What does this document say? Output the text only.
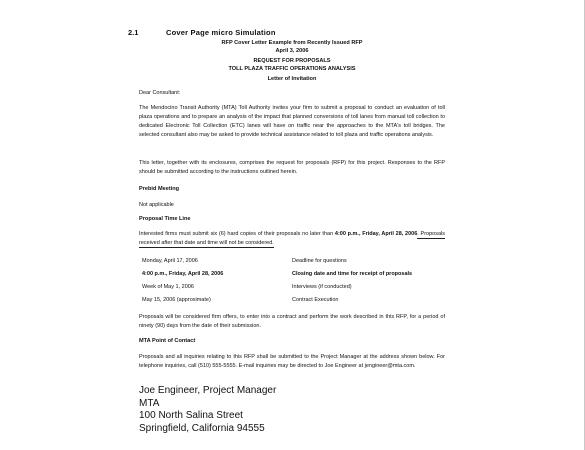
2.1	Cover Page micro Simulation
RFP Cover Letter Example from Recently Issued RFP
April 3, 2006
REQUEST FOR PROPOSALS
TOLL PLAZA TRAFFIC OPERATIONS ANALYSIS
Letter of Invitation
Dear Consultant:
The Mendocino Transit Authority (MTA) Toll Authority invites your firm to submit a proposal to conduct an evaluation of toll plaza operations and to prepare an analysis of the impact that planned conversions of toll lanes from manual toll collection to dedicated Electronic Toll Collection (ETC) lanes will have on traffic near the approaches to the MTA's toll bridges. The selected consultant also may be asked to provide technical assistance related to toll plaza and traffic operations analysis.
This letter, together with its enclosures, comprises the request for proposals (RFP) for this project. Responses to the RFP should be submitted according to the instructions outlined herein.
Prebid Meeting
Not applicable
Proposal Time Line
Interested firms must submit six (6) hard copies of their proposals no later than 4:00 p.m., Friday, April 28, 2006. Proposals received after that date and time will not be considered.
Monday, April 17, 2006	Deadline for questions
4:00 p.m., Friday, April 28, 2006	Closing date and time for receipt of proposals
Week of May 1, 2006	Interviews (if conducted)
May 15, 2006 (approximate)	Contract Execution
Proposals will be considered firm offers, to enter into a contract and perform the work described in this RFP, for a period of ninety (90) days from the date of their submission.
MTA Point of Contact
Proposals and all inquiries relating to this RFP shall be submitted to the Project Manager at the address shown below. For telephone inquiries, call (510) 555-5555. E-mail inquiries may be directed to Joe Engineer at jengineer@mta.com.
Joe Engineer, Project Manager
MTA
100 North Salina Street
Springfield, California 94555
